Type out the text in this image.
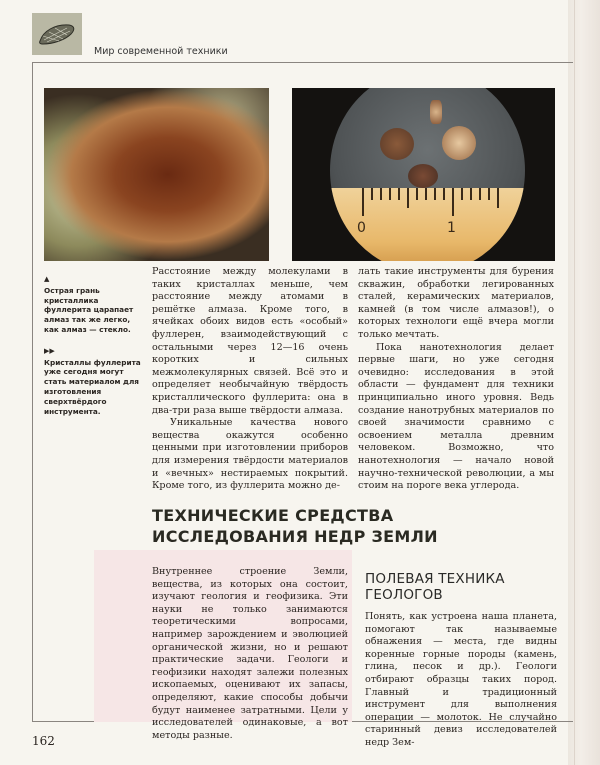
Мир современной техники
0	1
▲
Острая грань кристаллика фуллерита царапает алмаз так же легко, как алмаз — стекло.
▶▶
Кристаллы фуллерита уже сегодня могут стать материалом для изготовления сверхтвёрдого инструмента.

Расстояние между молекулами в таких кристаллах меньше, чем расстояние между атомами в решётке алмаза. Кроме того, в ячейках обоих видов есть «особый» фуллерен, взаимодействующий с остальными через 12—16 очень коротких и сильных межмолекулярных связей. Всё это и определяет необычайную твёрдость кристаллического фуллерита: она в два-три раза выше твёрдости алмаза.

Уникальные качества нового вещества окажутся особенно ценными при изготовлении приборов для измерения твёрдости материалов и «вечных» нестираемых покрытий. Кроме того, из фуллерита можно де-

лать такие инструменты для бурения скважин, обработки легированных сталей, керамических материалов, камней (в том числе алмазов!), о которых технологи ещё вчера могли только мечтать.

Пока нанотехнология делает первые шаги, но уже сегодня очевидно: исследования в этой области — фундамент для техники принципиально иного уровня. Ведь создание нанотрубных материалов по своей значимости сравнимо с освоением металла древним человеком. Возможно, что нанотехнология — начало новой научно-технической революции, а мы стоим на пороге века углерода.

ТЕХНИЧЕСКИЕ СРЕДСТВА
ИССЛЕДОВАНИЯ НЕДР ЗЕМЛИ

Внутреннее строение Земли, вещества, из которых она состоит, изучают геология и геофизика. Эти науки не только занимаются теоретическими вопросами, например зарождением и эволюцией органической жизни, но и решают практические задачи. Геологи и геофизики находят залежи полезных ископаемых, оценивают их запасы, определяют, какие способы добычи будут наименее затратными. Цели у исследователей одинаковые, а вот методы разные.

ПОЛЕВАЯ ТЕХНИКА
ГЕОЛОГОВ

Понять, как устроена наша планета, помогают так называемые обнажения — места, где видны коренные горные породы (камень, глина, песок и др.). Геологи отбирают образцы таких пород. Главный и традиционный инструмент для выполнения операции — молоток. Не случайно старинный девиз исследователей недр Зем-

162
